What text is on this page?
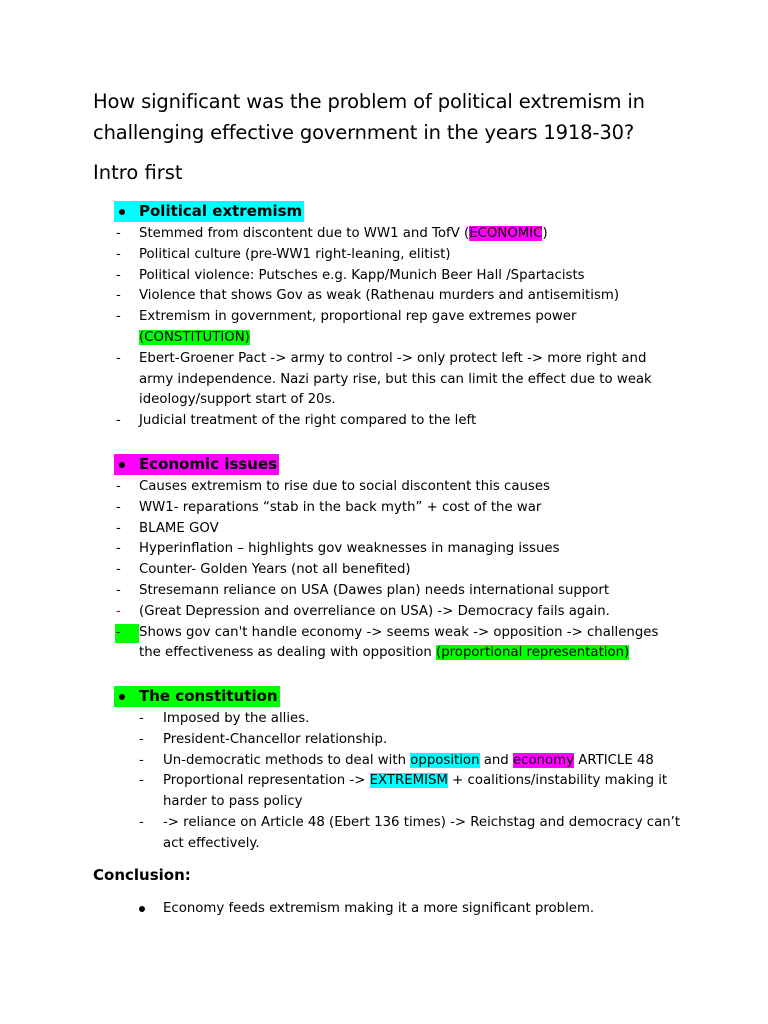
How significant was the problem of political extremism in challenging effective government in the years 1918-30?
Intro first
Political extremism
- Stemmed from discontent due to WW1 and TofV (ECONOMIC)
- Political culture (pre-WW1 right-leaning, elitist)
- Political violence: Putsches e.g. Kapp/Munich Beer Hall /Spartacists
- Violence that shows Gov as weak (Rathenau murders and antisemitism)
- Extremism in government, proportional rep gave extremes power (CONSTITUTION)
- Ebert-Groener Pact -> army to control -> only protect left -> more right and army independence. Nazi party rise, but this can limit the effect due to weak ideology/support start of 20s.
- Judicial treatment of the right compared to the left
Economic issues
- Causes extremism to rise due to social discontent this causes
- WW1- reparations “stab in the back myth” + cost of the war
- BLAME GOV
- Hyperinflation – highlights gov weaknesses in managing issues
- Counter- Golden Years (not all benefited)
- Stresemann reliance on USA (Dawes plan) needs international support
- (Great Depression and overreliance on USA) -> Democracy fails again.
- Shows gov can't handle economy -> seems weak -> opposition -> challenges the effectiveness as dealing with opposition (proportional representation)
The constitution
- Imposed by the allies.
- President-Chancellor relationship.
- Un-democratic methods to deal with opposition and economy ARTICLE 48
- Proportional representation -> EXTREMISM + coalitions/instability making it harder to pass policy
- -> reliance on Article 48 (Ebert 136 times) -> Reichstag and democracy can’t act effectively.
Conclusion:
Economy feeds extremism making it a more significant problem.
